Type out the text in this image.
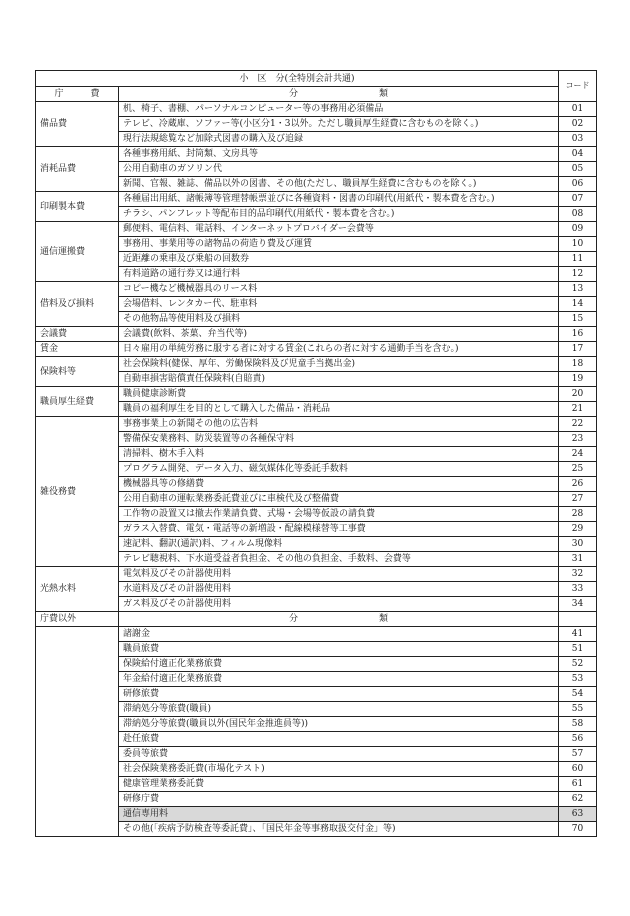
小　区　分(全特別会計共通)		コード
庁　　　費	分　　　　　　　　　類	
備品費	机、椅子、書棚、パーソナルコンピューター等の事務用必須備品	01
	テレビ、冷蔵庫、ソファー等(小区分1・3以外。ただし職員厚生経費に含むものを除く。)	02
	現行法規総覧など加除式図書の購入及び追録	03
消耗品費	各種事務用紙、封筒類、文房具等	04
	公用自動車のガソリン代	05
	新聞、官報、雑誌、備品以外の図書、その他(ただし、職員厚生経費に含むものを除く。)	06
印刷製本費	各種届出用紙、諸帳簿等管理替帳票並びに各種資料・図書の印刷代(用紙代・製本費を含む。)	07
	チラシ、パンフレット等配布目的品印刷代(用紙代・製本費を含む。)	08
通信運搬費	郵便料、電信料、電話料、インターネットプロバイダー会費等	09
	事務用、事業用等の諸物品の荷造り費及び運賃	10
	近距離の乗車及び乗船の回数券	11
	有料道路の通行券又は通行料	12
借料及び損料	コピー機など機械器具のリース料	13
	会場借料、レンタカー代、駐車料	14
	その他物品等使用料及び損料	15
会議費	会議費(飲料、茶菓、弁当代等)	16
賃金	日々雇用の単純労務に服する者に対する賃金(これらの者に対する通勤手当を含む。)	17
保険料等	社会保険料(健保、厚年、労働保険料及び児童手当拠出金)	18
	自動車損害賠償責任保険料(自賠責)	19
職員厚生経費	職員健康診断費	20
	職員の福利厚生を目的として購入した備品・消耗品	21
雑役務費	事務事業上の新聞その他の広告料	22
	警備保安業務料、防災装置等の各種保守料	23
	清掃料、樹木手入料	24
	プログラム開発、データ入力、磁気媒体化等委託手数料	25
	機械器具等の修繕費	26
	公用自動車の運転業務委託費並びに車検代及び整備費	27
	工作物の設置又は撤去作業請負費、式場・会場等仮設の請負費	28
	ガラス入替費、電気・電話等の新増設・配線模様替等工事費	29
	速記料、翻訳(通訳)料、フィルム現像料	30
	テレビ聴視料、下水道受益者負担金、その他の負担金、手数料、会費等	31
光熱水料	電気料及びその計器使用料	32
	水道料及びその計器使用料	33
	ガス料及びその計器使用料	34
庁費以外	分　　　　　　　　　類	
	諸謝金	41
	職員旅費	51
	保険給付適正化業務旅費	52
	年金給付適正化業務旅費	53
	研修旅費	54
	滞納処分等旅費(職員)	55
	滞納処分等旅費(職員以外(国民年金推進員等))	58
	赴任旅費	56
	委員等旅費	57
	社会保険業務委託費(市場化テスト)	60
	健康管理業務委託費	61
	研修庁費	62
	通信専用料	63
	その他(「疾病予防検査等委託費」、「国民年金等事務取扱交付金」等)	70
